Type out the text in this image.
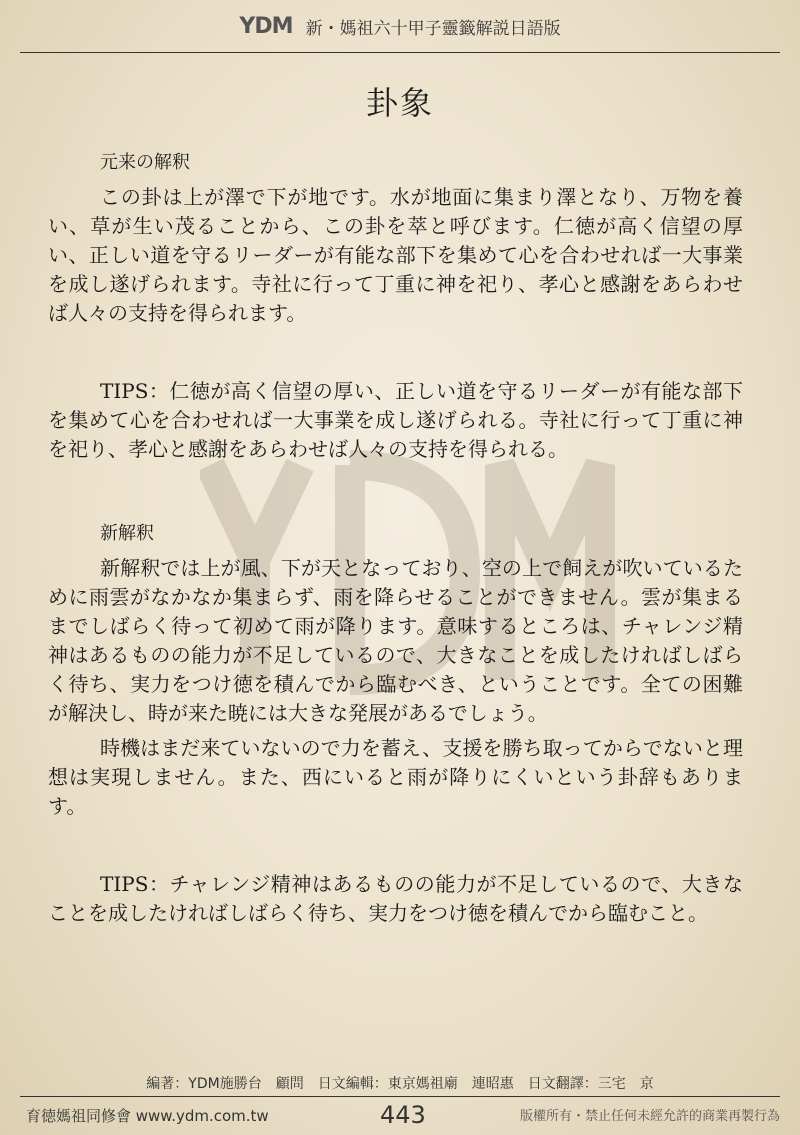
YDM 新・媽祖六十甲子靈籤解説日語版
卦象
元来の解釈

この卦は上が澤で下が地です。水が地面に集まり澤となり、万物を養い、草が生い茂ることから、この卦を萃と呼びます。仁徳が高く信望の厚い、正しい道を守るリーダーが有能な部下を集めて心を合わせれば一大事業を成し遂げられます。寺社に行って丁重に神を祀り、孝心と感謝をあらわせば人々の支持を得られます。

TIPS：仁徳が高く信望の厚い、正しい道を守るリーダーが有能な部下を集めて心を合わせれば一大事業を成し遂げられる。寺社に行って丁重に神を祀り、孝心と感謝をあらわせば人々の支持を得られる。

新解釈

新解釈では上が風、下が天となっており、空の上で飼えが吹いているために雨雲がなかなか集まらず、雨を降らせることができません。雲が集まるまでしばらく待って初めて雨が降ります。意味するところは、チャレンジ精神はあるものの能力が不足しているので、大きなことを成したければしばらく待ち、実力をつけ徳を積んでから臨むべき、ということです。全ての困難が解決し、時が来た暁には大きな発展があるでしょう。

時機はまだ来ていないので力を蓄え、支援を勝ち取ってからでないと理想は実現しません。また、西にいると雨が降りにくいという卦辞もあります。

TIPS：チャレンジ精神はあるものの能力が不足しているので、大きなことを成したければしばらく待ち、実力をつけ徳を積んでから臨むこと。

編著：YDM施勝台　顧問　日文編輯：東京媽祖廟　連昭惠　日文翻譯：三宅　京
育徳媽祖同修會 www.ydm.com.tw	443	版權所有・禁止任何未經允許的商業再製行為
